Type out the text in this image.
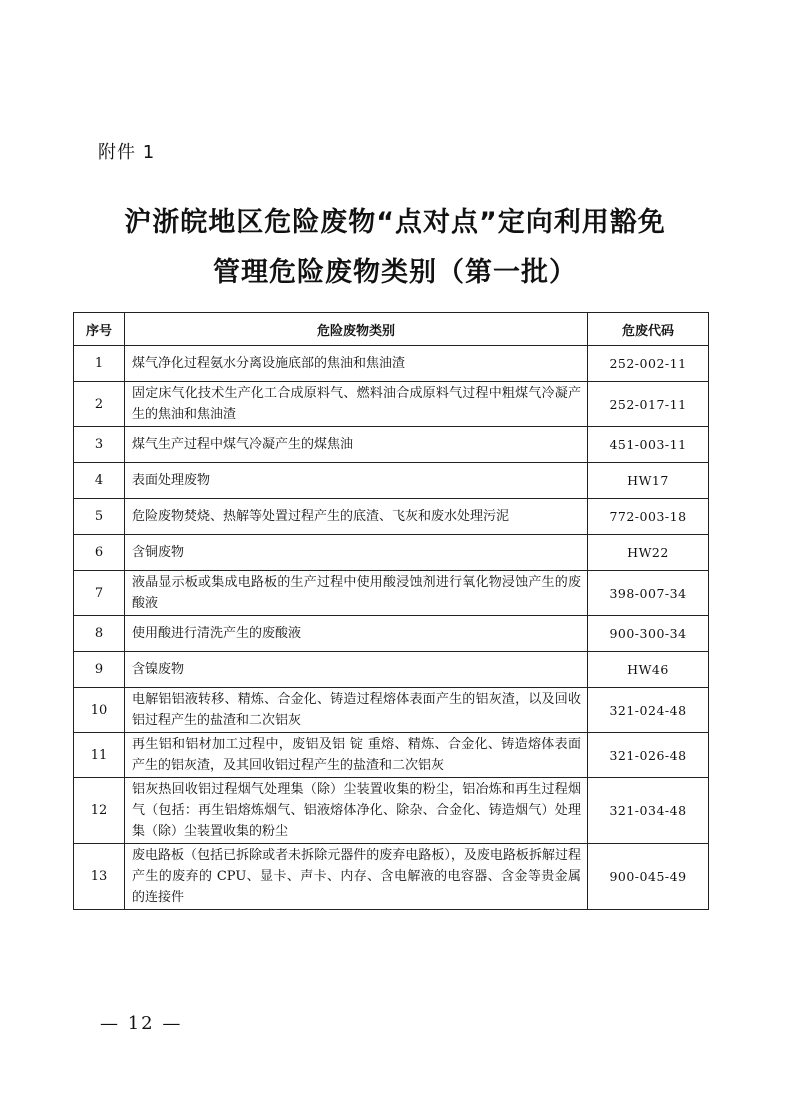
附件 1
沪浙皖地区危险废物“点对点”定向利用豁免
管理危险废物类别（第一批）
序号	危险废物类别	危废代码
1	煤气净化过程氨水分离设施底部的焦油和焦油渣	252-002-11
2	固定床气化技术生产化工合成原料气、燃料油合成原料气过程中粗煤气冷凝产生的焦油和焦油渣	252-017-11
3	煤气生产过程中煤气冷凝产生的煤焦油	451-003-11
4	表面处理废物	HW17
5	危险废物焚烧、热解等处置过程产生的底渣、飞灰和废水处理污泥	772-003-18
6	含铜废物	HW22
7	液晶显示板或集成电路板的生产过程中使用酸浸蚀剂进行氧化物浸蚀产生的废酸液	398-007-34
8	使用酸进行清洗产生的废酸液	900-300-34
9	含镍废物	HW46
10	电解铝铝液转移、精炼、合金化、铸造过程熔体表面产生的铝灰渣，以及回收铝过程产生的盐渣和二次铝灰	321-024-48
11	再生铝和铝材加工过程中，废铝及铝 锭 重熔、精炼、合金化、铸造熔体表面产生的铝灰渣，及其回收铝过程产生的盐渣和二次铝灰	321-026-48
12	铝灰热回收铝过程烟气处理集（除）尘装置收集的粉尘，铝冶炼和再生过程烟气（包括：再生铝熔炼烟气、铝液熔体净化、除杂、合金化、铸造烟气）处理集（除）尘装置收集的粉尘	321-034-48
13	废电路板（包括已拆除或者未拆除元器件的废弃电路板），及废电路板拆解过程产生的废弃的 CPU、显卡、声卡、内存、含电解液的电容器、含金等贵金属的连接件	900-045-49
— 12 —
